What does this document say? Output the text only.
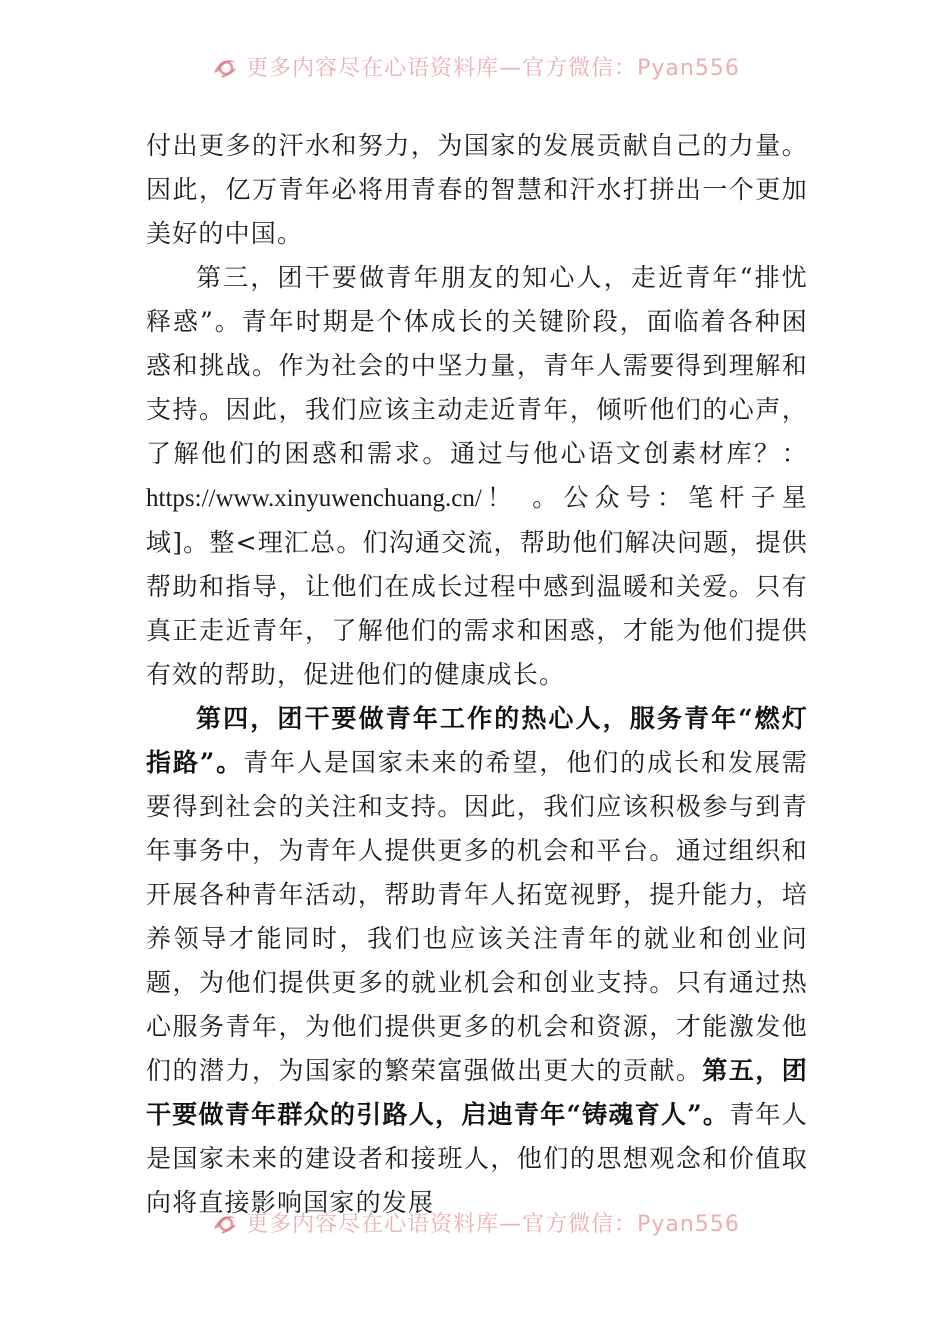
更多内容尽在心语资料库—官方微信：Pyan556

付出更多的汗水和努力，为国家的发展贡献自己的力量。因此，亿万青年必将用青春的智慧和汗水打拼出一个更加美好的中国。

第三，团干要做青年朋友的知心人，走近青年“排忧释惑”。青年时期是个体成长的关键阶段，面临着各种困惑和挑战。作为社会的中坚力量，青年人需要得到理解和支持。因此，我们应该主动走近青年，倾听他们的心声，了解他们的困惑和需求。通过与他心语文创素材库？：https://www.xinyuwenchuang.cn/！ 。公众号：笔杆子星域]。整<理汇总。们沟通交流，帮助他们解决问题，提供帮助和指导，让他们在成长过程中感到温暖和关爱。只有真正走近青年，了解他们的需求和困惑，才能为他们提供有效的帮助，促进他们的健康成长。

第四，团干要做青年工作的热心人，服务青年“燃灯指路”。青年人是国家未来的希望，他们的成长和发展需要得到社会的关注和支持。因此，我们应该积极参与到青年事务中，为青年人提供更多的机会和平台。通过组织和开展各种青年活动，帮助青年人拓宽视野，提升能力，培养领导才能同时，我们也应该关注青年的就业和创业问题，为他们提供更多的就业机会和创业支持。只有通过热心服务青年，为他们提供更多的机会和资源，才能激发他们的潜力，为国家的繁荣富强做出更大的贡献。第五，团干要做青年群众的引路人，启迪青年“铸魂育人”。青年人是国家未来的建设者和接班人，他们的思想观念和价值取向将直接影响国家的发展

更多内容尽在心语资料库—官方微信：Pyan556
